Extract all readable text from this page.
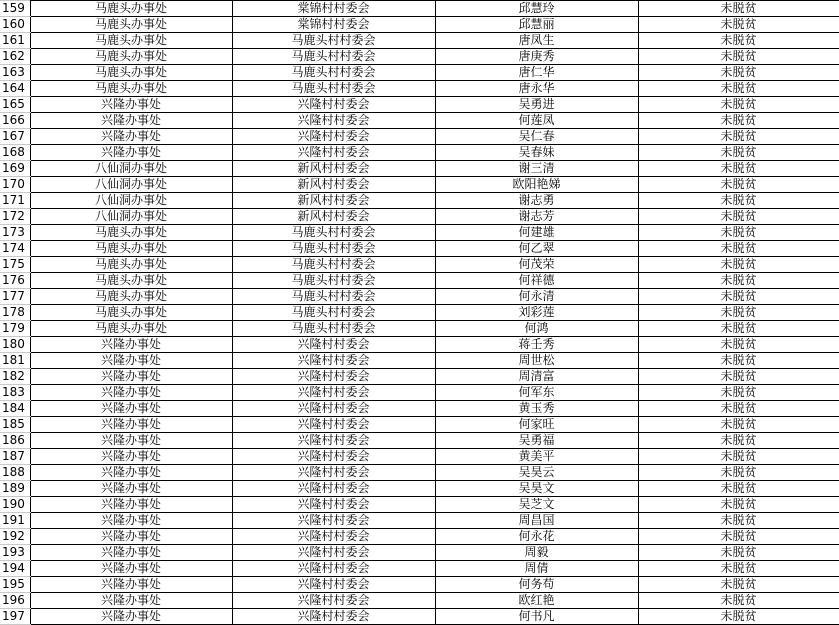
159	马鹿头办事处	棠锦村村委会	邱慧玲	未脱贫
160	马鹿头办事处	棠锦村村委会	邱慧丽	未脱贫
161	马鹿头办事处	马鹿头村村委会	唐凤生	未脱贫
162	马鹿头办事处	马鹿头村村委会	唐庚秀	未脱贫
163	马鹿头办事处	马鹿头村村委会	唐仁华	未脱贫
164	马鹿头办事处	马鹿头村村委会	唐永华	未脱贫
165	兴隆办事处	兴隆村村委会	吴勇进	未脱贫
166	兴隆办事处	兴隆村村委会	何莲凤	未脱贫
167	兴隆办事处	兴隆村村委会	吴仁春	未脱贫
168	兴隆办事处	兴隆村村委会	吴春妹	未脱贫
169	八仙洞办事处	新风村村委会	谢三清	未脱贫
170	八仙洞办事处	新风村村委会	欧阳艳娣	未脱贫
171	八仙洞办事处	新风村村委会	谢志勇	未脱贫
172	八仙洞办事处	新风村村委会	谢志芳	未脱贫
173	马鹿头办事处	马鹿头村村委会	何建雄	未脱贫
174	马鹿头办事处	马鹿头村村委会	何乙翠	未脱贫
175	马鹿头办事处	马鹿头村村委会	何茂荣	未脱贫
176	马鹿头办事处	马鹿头村村委会	何祥德	未脱贫
177	马鹿头办事处	马鹿头村村委会	何永清	未脱贫
178	马鹿头办事处	马鹿头村村委会	刘彩莲	未脱贫
179	马鹿头办事处	马鹿头村村委会	何鸿	未脱贫
180	兴隆办事处	兴隆村村委会	蒋壬秀	未脱贫
181	兴隆办事处	兴隆村村委会	周世松	未脱贫
182	兴隆办事处	兴隆村村委会	周清富	未脱贫
183	兴隆办事处	兴隆村村委会	何军东	未脱贫
184	兴隆办事处	兴隆村村委会	黄玉秀	未脱贫
185	兴隆办事处	兴隆村村委会	何家旺	未脱贫
186	兴隆办事处	兴隆村村委会	吴勇福	未脱贫
187	兴隆办事处	兴隆村村委会	黄美平	未脱贫
188	兴隆办事处	兴隆村村委会	吴昊云	未脱贫
189	兴隆办事处	兴隆村村委会	吴昊文	未脱贫
190	兴隆办事处	兴隆村村委会	吴芝文	未脱贫
191	兴隆办事处	兴隆村村委会	周昌国	未脱贫
192	兴隆办事处	兴隆村村委会	何永花	未脱贫
193	兴隆办事处	兴隆村村委会	周毅	未脱贫
194	兴隆办事处	兴隆村村委会	周倩	未脱贫
195	兴隆办事处	兴隆村村委会	何务苟	未脱贫
196	兴隆办事处	兴隆村村委会	欧红艳	未脱贫
197	兴隆办事处	兴隆村村委会	何书凡	未脱贫
